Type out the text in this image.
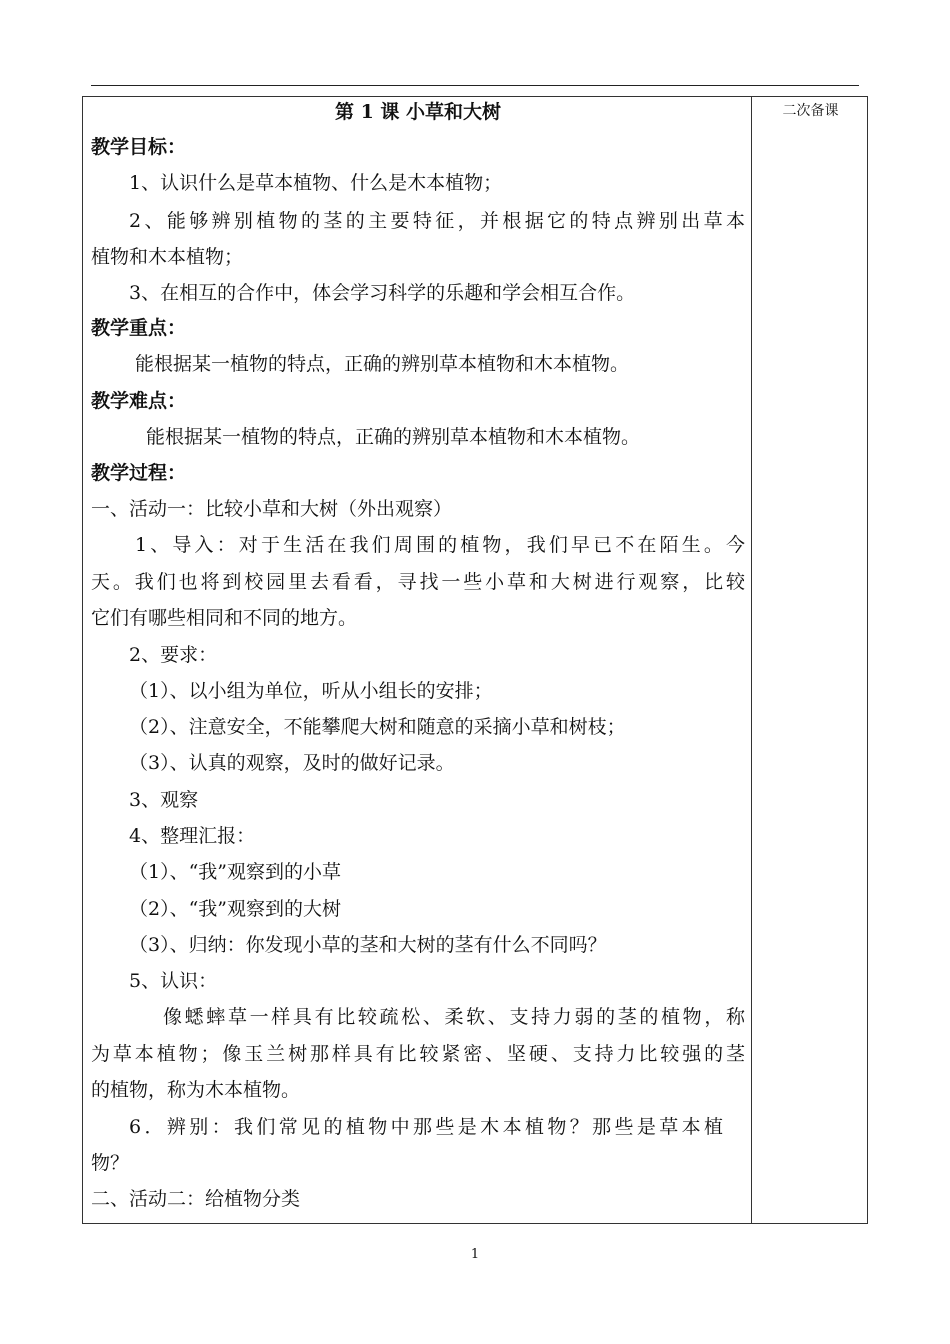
二次备课
第 1 课 小草和大树
教学目标：
1、认识什么是草本植物、什么是木本植物；
2、能够辨别植物的茎的主要特征，并根据它的特点辨别出草本
植物和木本植物；
3、在相互的合作中，体会学习科学的乐趣和学会相互合作。
教学重点：
能根据某一植物的特点，正确的辨别草本植物和木本植物。
教学难点：
能根据某一植物的特点，正确的辨别草本植物和木本植物。
教学过程：
一、活动一：比较小草和大树（外出观察）
1、导入：对于生活在我们周围的植物，我们早已不在陌生。今
天。我们也将到校园里去看看，寻找一些小草和大树进行观察，比较
它们有哪些相同和不同的地方。
2、要求：
（1）、以小组为单位，听从小组长的安排；
（2）、注意安全，不能攀爬大树和随意的采摘小草和树枝；
（3）、认真的观察，及时的做好记录。
3、观察
4、整理汇报：
（1）、“我”观察到的小草
（2）、“我”观察到的大树
（3）、归纳：你发现小草的茎和大树的茎有什么不同吗？
5、认识：
像蟋蟀草一样具有比较疏松、柔软、支持力弱的茎的植物，称
为草本植物；像玉兰树那样具有比较紧密、坚硬、支持力比较强的茎
的植物，称为木本植物。
6．辨别：我们常见的植物中那些是木本植物？那些是草本植
物？
二、活动二：给植物分类
1
